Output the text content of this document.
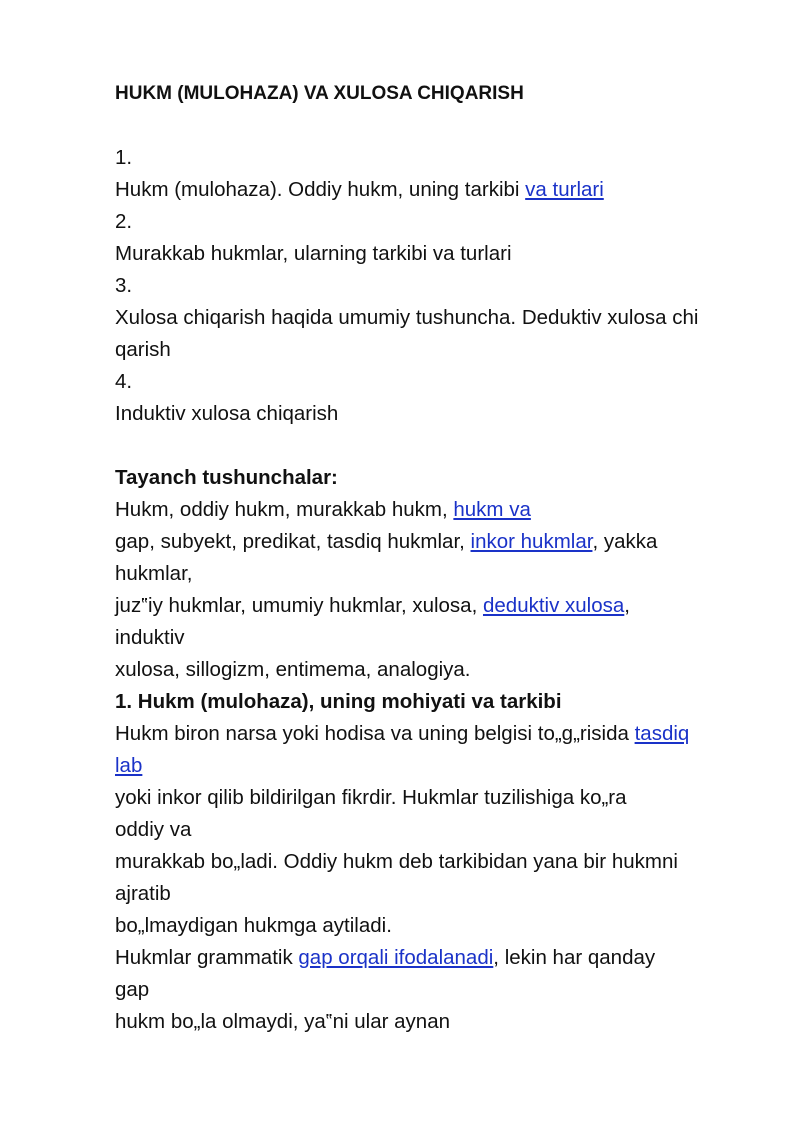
HUKM (MULOHAZA) VA XULOSA CHIQARISH
1.
Hukm (mulohaza). Oddiy hukm, uning tarkibi va turlari
2.
Murakkab hukmlar, ularning tarkibi va turlari
3.
Xulosa chiqarish haqida umumiy tushuncha. Deduktiv xulosa chi
qarish
4.
Induktiv xulosa chiqarish
Tayanch tushunchalar:
Hukm, oddiy hukm, murakkab hukm, hukm va
gap, subyekt, predikat, tasdiq hukmlar, inkor hukmlar, yakka
hukmlar,
juz‟iy hukmlar, umumiy hukmlar, xulosa, deduktiv xulosa,
induktiv
xulosa, sillogizm, entimema, analogiya.
1. Hukm (mulohaza), uning mohiyati va tarkibi
Hukm biron narsa yoki hodisa va uning belgisi to„g„risida tasdiq
lab
yoki inkor qilib bildirilgan fikrdir. Hukmlar tuzilishiga ko„ra
oddiy va
murakkab bo„ladi. Oddiy hukm deb tarkibidan yana bir hukmni
ajratib
bo„lmaydigan hukmga aytiladi.
Hukmlar grammatik gap orqali ifodalanadi, lekin har qanday
gap
hukm bo„la olmaydi, ya‟ni ular aynan
